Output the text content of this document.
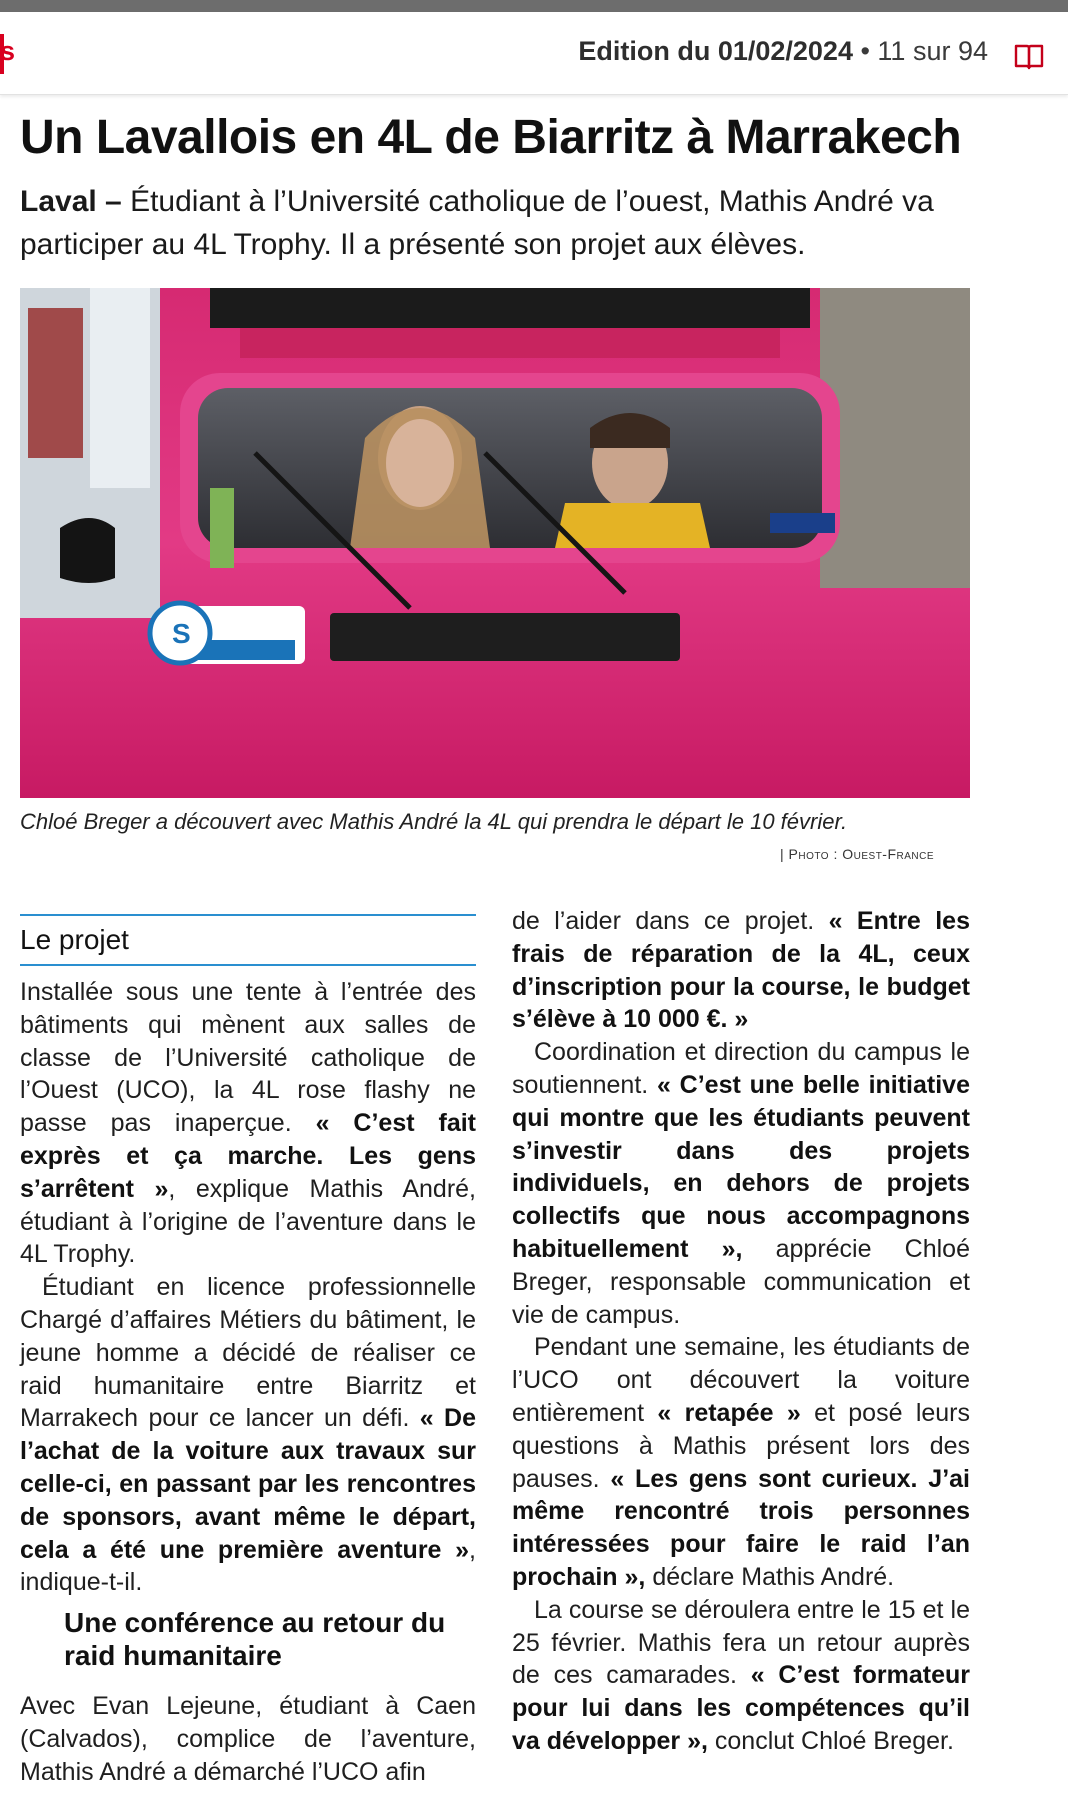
s	Edition du 01/02/2024 • 11 sur 94
Un Lavallois en 4L de Biarritz à Marrakech

Laval – Étudiant à l’Université catholique de l’ouest, Mathis André va participer au 4L Trophy. Il a présenté son projet aux élèves.

S
Chloé Breger a découvert avec Mathis André la 4L qui prendra le départ le 10 février.
| Photo : Ouest-France
Le projet

Installée sous une tente à l’entrée des bâtiments qui mènent aux salles de classe de l’Université catholique de l’Ouest (UCO), la 4L rose flashy ne passe pas inaperçue. « C’est fait exprès et ça marche. Les gens s’arrêtent », explique Mathis André, étudiant à l’origine de l’aventure dans le 4L Trophy.

Étudiant en licence professionnelle Chargé d’affaires Métiers du bâtiment, le jeune homme a décidé de réaliser ce raid humanitaire entre Biarritz et Marrakech pour ce lancer un défi. « De l’achat de la voiture aux travaux sur celle-ci, en passant par les rencontres de sponsors, avant même le départ, cela a été une première aventure », indique-t-il.

Une conférence au retour du raid humanitaire

Avec Evan Lejeune, étudiant à Caen (Calvados), complice de l’aventure, Mathis André a démarché l’UCO afin

de l’aider dans ce projet. « Entre les frais de réparation de la 4L, ceux d’inscription pour la course, le budget s’élève à 10 000 €. »

Coordination et direction du campus le soutiennent. « C’est une belle initiative qui montre que les étudiants peuvent s’investir dans des projets individuels, en dehors de projets collectifs que nous accompagnons habituellement », apprécie Chloé Breger, responsable communication et vie de campus.

Pendant une semaine, les étudiants de l’UCO ont découvert la voiture entièrement « retapée » et posé leurs questions à Mathis présent lors des pauses. « Les gens sont curieux. J’ai même rencontré trois personnes intéressées pour faire le raid l’an prochain », déclare Mathis André.

La course se déroulera entre le 15 et le 25 février. Mathis fera un retour auprès de ces camarades. « C’est formateur pour lui dans les compétences qu’il va développer », conclut Chloé Breger.
